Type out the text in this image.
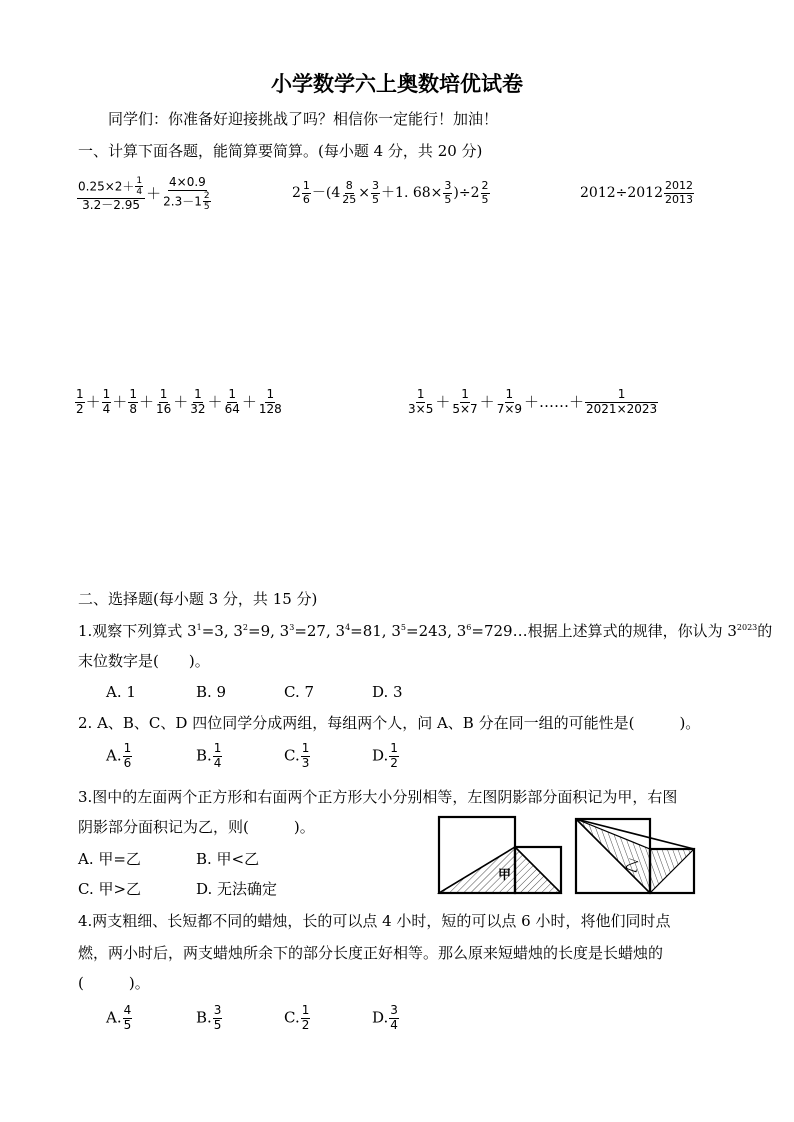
小学数学六上奥数培优试卷
同学们：你准备好迎接挑战了吗？相信你一定能行！加油！
一、计算下面各题，能简算要简算。(每小题 4 分，共 20 分)
$\frac{0.25\times 2+ \frac{1}{4}}{3.2-2.95} + \frac{4\times 0.9}{2.3-1 \frac{2}{5}}$	$2 \frac{1}{6} -(4 \frac{8}{25} \times \frac{3}{5} +1$. $68\times \frac{3}{5} )\div 2 \frac{2}{5}$	$2012\div 2012 \frac{2012}{2013}$
$\frac{1}{2} + \frac{1}{4} + \frac{1}{8} + \frac{1}{16} + \frac{1}{32} + \frac{1}{64} + \frac{1}{128}$	$\frac{1}{3\times 5} + \frac{1}{5\times 7} + \frac{1}{7\times 9}$ ＋……＋ $\frac{1}{2021\times 2023}$
二、选择题(每小题 3 分，共 15 分)
1.观察下列算式 $3^1=3$, $3^2=9$, $3^3=27$, $3^4=81$, $3^5=243$, $3^6=729\dots$根据上述算式的规律，你认为 $3^{2023}$的
末位数字是(　　)。
A. 1	B. 9	C. 7	D. 3
2. A、B、C、D 四位同学分成两组，每组两个人，问 A、B 分在同一组的可能性是(　　　)。
A. $\frac{1}{6}$	B. $\frac{1}{4}$	C. $\frac{1}{3}$	D. $\frac{1}{2}$
3.图中的左面两个正方形和右面两个正方形大小分别相等，左图阴影部分面积记为甲，右图
阴影部分面积记为乙，则(　　　)。
A. 甲=乙	B. 甲<乙
C. 甲>乙	D. 无法确定
甲	乙
4.两支粗细、长短都不同的蜡烛，长的可以点 4 小时，短的可以点 6 小时，将他们同时点
燃，两小时后，两支蜡烛所余下的部分长度正好相等。那么原来短蜡烛的长度是长蜡烛的
(　　　)。
A. $\frac{4}{5}$	B. $\frac{3}{5}$	C. $\frac{1}{2}$	D. $\frac{3}{4}$
